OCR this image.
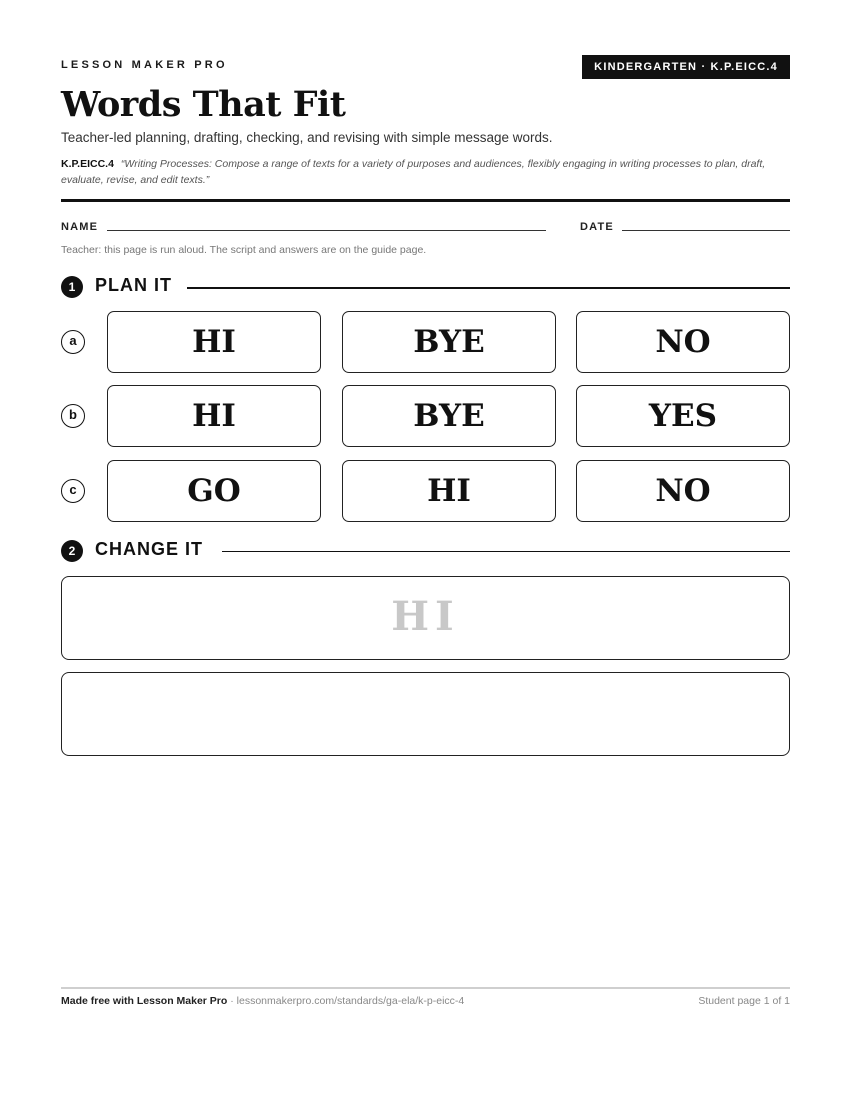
LESSON MAKER PRO	KINDERGARTEN · K.P.EICC.4
Words That Fit
Teacher-led planning, drafting, checking, and revising with simple message words.
K.P.EICC.4 “Writing Processes: Compose a range of texts for a variety of purposes and audiences, flexibly engaging in writing processes to plan, draft, evaluate, revise, and edit texts.”
NAME	DATE
Teacher: this page is run aloud. The script and answers are on the guide page.
1	PLAN IT
a	HI	BYE	NO
b	HI	BYE	YES
c	GO	HI	NO
2	CHANGE IT
HI
Made free with Lesson Maker Pro · lessonmakerpro.com/standards/ga-ela/k-p-eicc-4	Student page 1 of 1
